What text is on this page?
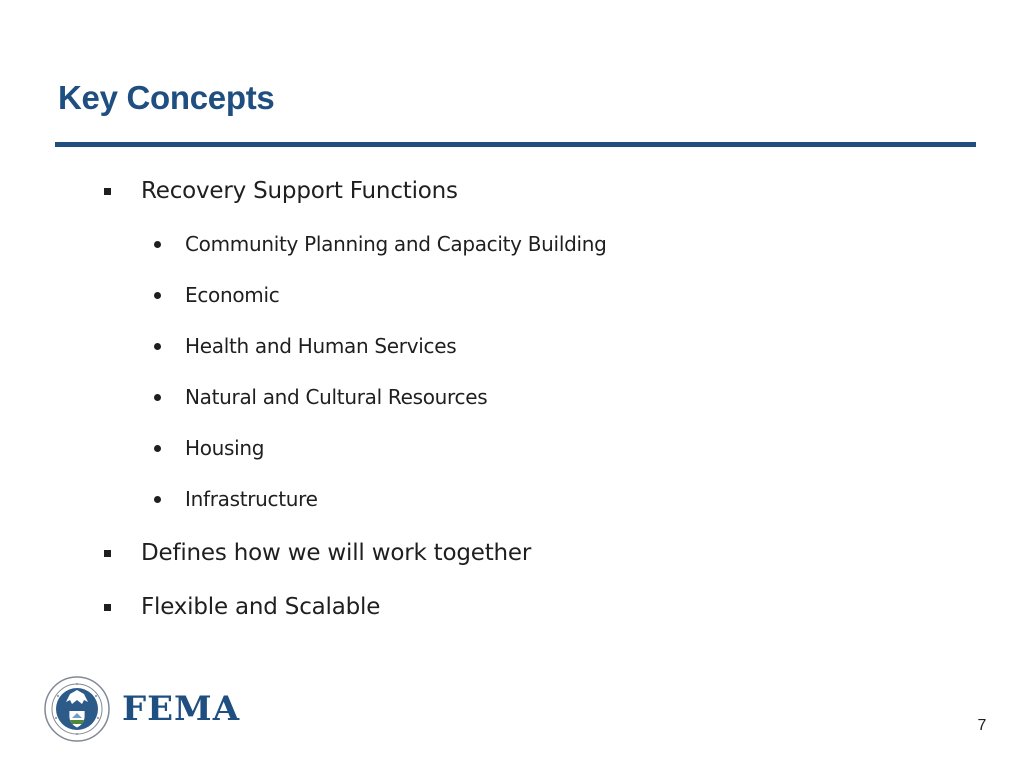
Key Concepts
Recovery Support Functions
Community Planning and Capacity Building
Economic
Health and Human Services
Natural and Cultural Resources
Housing
Infrastructure
Defines how we will work together
Flexible and Scalable
FEMA	7
